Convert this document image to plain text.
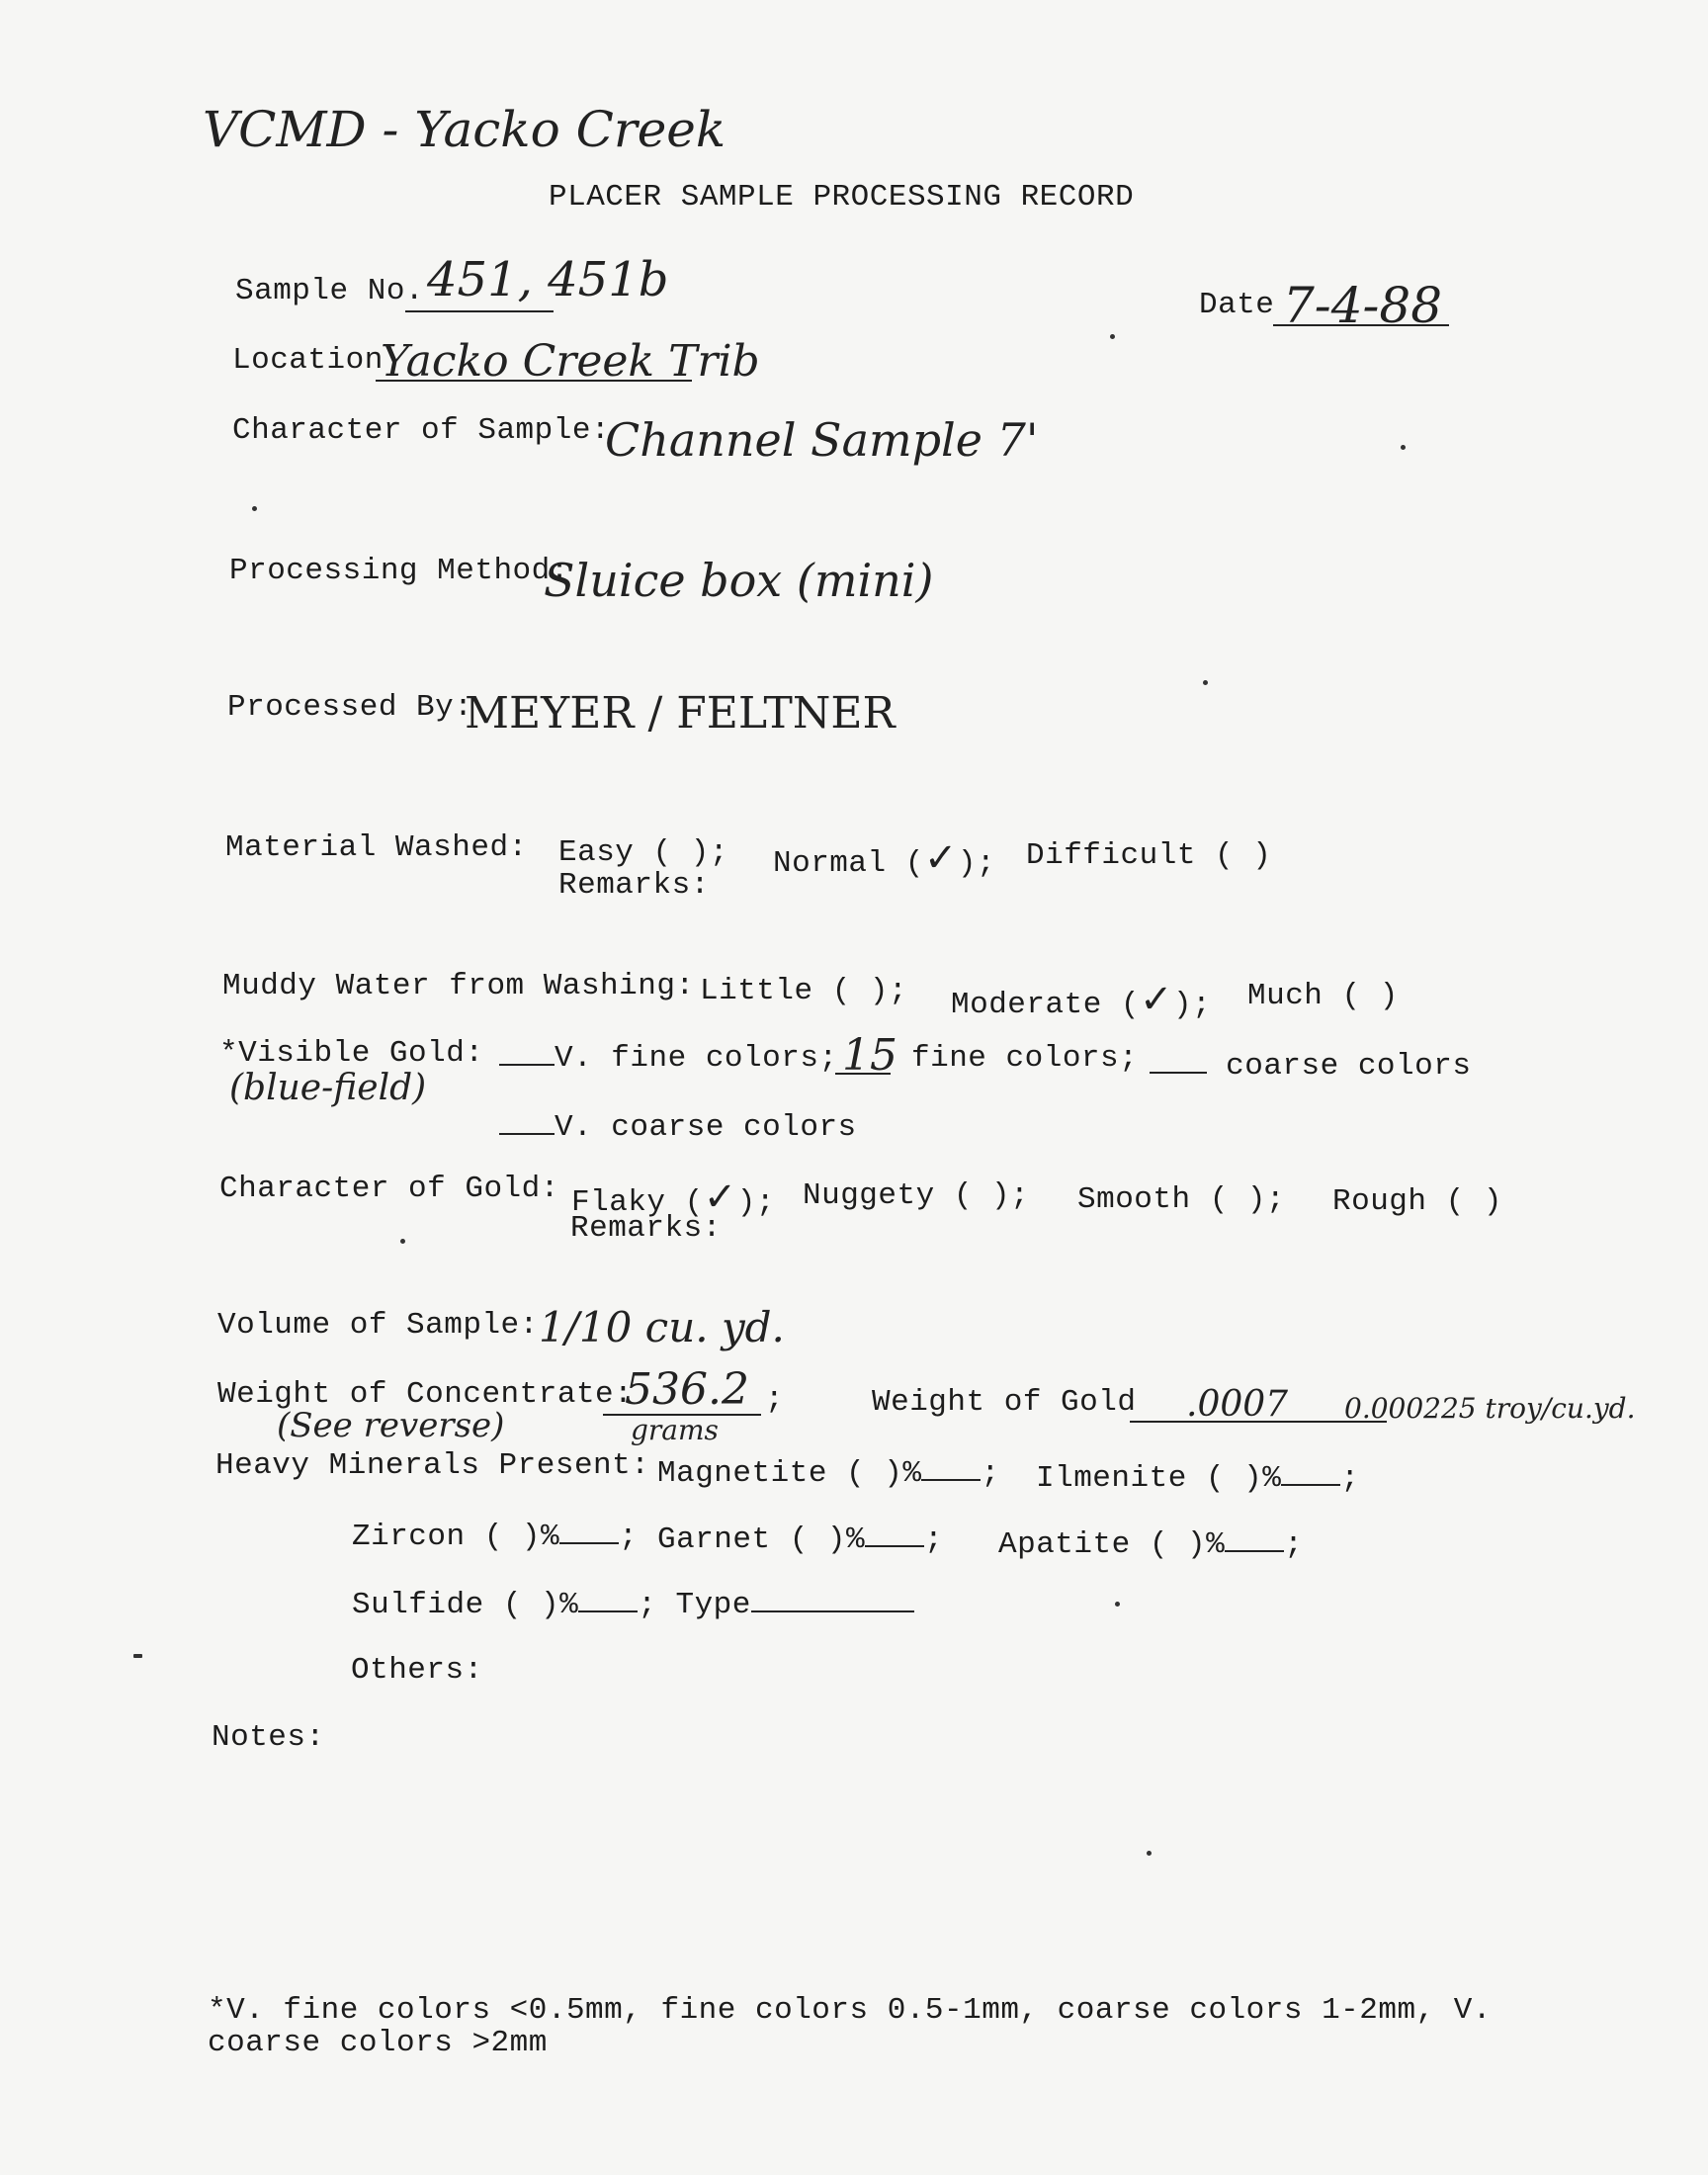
VCMD - Yacko Creek
PLACER SAMPLE PROCESSING RECORD
Sample No. 451, 451b	Date 7-4-88
Location
Yacko Creek Trib
Character of Sample:
Channel Sample 7'
Processing Method:
Sluice box (mini)
Processed By:
MEYER / FELTNER
Material Washed: Easy ( ); Normal (✓); Difficult ( )
Remarks:
Muddy Water from Washing: Little ( ); Moderate (✓); Much ( )
*Visible Gold:
(blue-field)
V. fine colors; 15 fine colors;	coarse colors
V. coarse colors
Character of Gold: Flaky (✓); Nuggety ( ); Smooth ( ); Rough ( )
Remarks:
Volume of Sample: 1/10 cu. yd.
Weight of Concentrate:
536.2 ;
grams
(See reverse)
Weight of Gold .0007 0.000225 troy/cu.yd.
Heavy Minerals Present: Magnetite ( )% ; Ilmenite ( )% ;
Zircon ( )% ; Garnet ( )% ; Apatite ( )% ;
Sulfide ( )% ; Type
Others:
Notes:
*V. fine colors <0.5mm, fine colors 0.5-1mm, coarse colors 1-2mm, V. coarse colors >2mm
